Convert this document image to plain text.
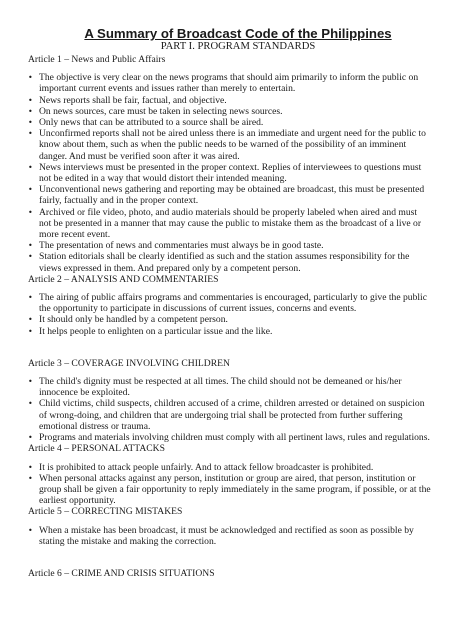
A Summary of Broadcast Code of the Philippines
PART I. PROGRAM STANDARDS
Article 1 – News and Public Affairs
• The objective is very clear on the news programs that should aim primarily to inform the public on important current events and issues rather than merely to entertain.
• News reports shall be fair, factual, and objective.
• On news sources, care must be taken in selecting news sources.
• Only news that can be attributed to a source shall be aired.
• Unconfirmed reports shall not be aired unless there is an immediate and urgent need for the public to know about them, such as when the public needs to be warned of the possibility of an imminent danger. And must be verified soon after it was aired.
• News interviews must be presented in the proper context. Replies of interviewees to questions must not be edited in a way that would distort their intended meaning.
• Unconventional news gathering and reporting may be obtained are broadcast, this must be presented fairly, factually and in the proper context.
• Archived or file video, photo, and audio materials should be properly labeled when aired and must not be presented in a manner that may cause the public to mistake them as the broadcast of a live or more recent event.
• The presentation of news and commentaries must always be in good taste.
• Station editorials shall be clearly identified as such and the station assumes responsibility for the views expressed in them. And prepared only by a competent person.
Article 2 – ANALYSIS AND COMMENTARIES
• The airing of public affairs programs and commentaries is encouraged, particularly to give the public the opportunity to participate in discussions of current issues, concerns and events.
• It should only be handled by a competent person.
• It helps people to enlighten on a particular issue and the like.
Article 3 – COVERAGE INVOLVING CHILDREN
• The child's dignity must be respected at all times. The child should not be demeaned or his/her innocence be exploited.
• Child victims, child suspects, children accused of a crime, children arrested or detained on suspicion of wrong-doing, and children that are undergoing trial shall be protected from further suffering emotional distress or trauma.
• Programs and materials involving children must comply with all pertinent laws, rules and regulations.
Article 4 – PERSONAL ATTACKS
• It is prohibited to attack people unfairly. And to attack fellow broadcaster is prohibited.
• When personal attacks against any person, institution or group are aired, that person, institution or group shall be given a fair opportunity to reply immediately in the same program, if possible, or at the earliest opportunity.
Article 5 – CORRECTING MISTAKES
• When a mistake has been broadcast, it must be acknowledged and rectified as soon as possible by stating the mistake and making the correction.
Article 6 – CRIME AND CRISIS SITUATIONS
